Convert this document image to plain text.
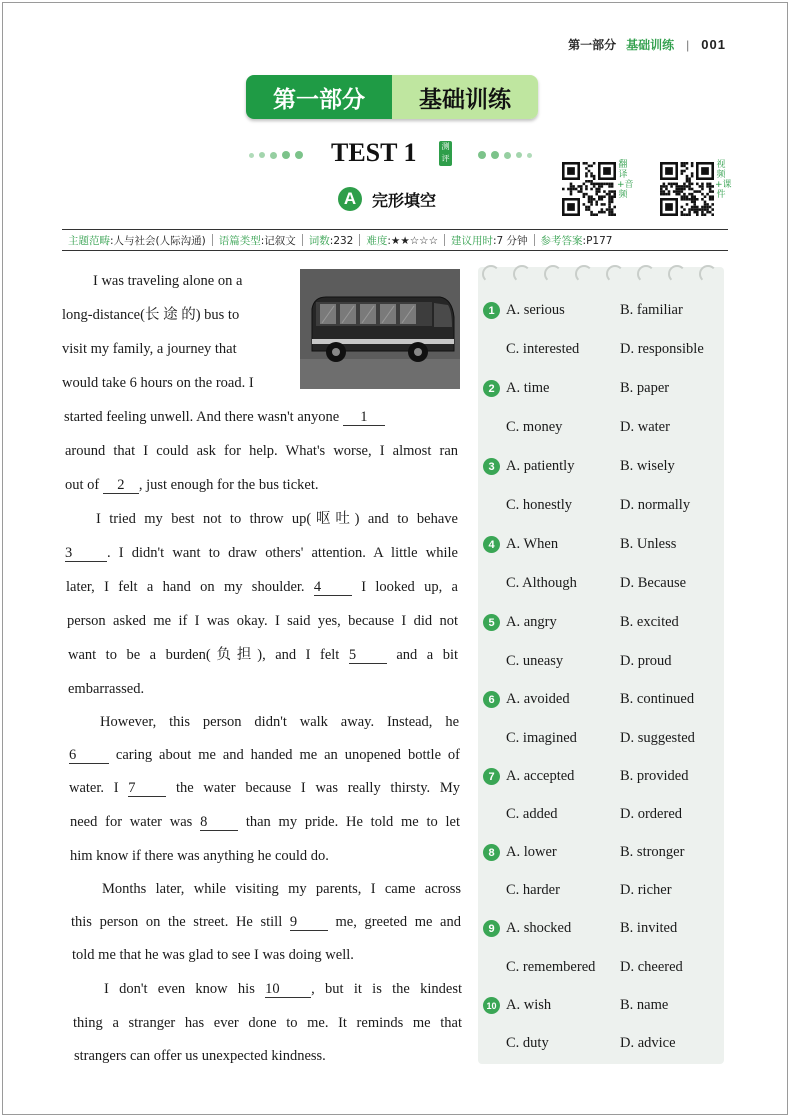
第一部分 基础训练 | 001
第一部分	基础训练
TEST 1	测评
A 完形填空
翻译+音频
视频+课件
主题范畴:人与社会(人际沟通)	语篇类型:记叙文	词数:232	难度:★★☆☆☆	建议用时:7 分钟	参考答案:P177
I was traveling alone on a
long-distance(长 途 的) bus to
visit my family, a journey that
would take 6 hours on the road. I
started feeling unwell. And there wasn't anyone 1
around that I could ask for help. What's worse, I almost ran
out of 2 , just enough for the bus ticket.
I tried my best not to throw up(呕吐) and to behave
3 . I didn't want to draw others' attention. A little while
later, I felt a hand on my shoulder. 4 I looked up, a
person asked me if I was okay. I said yes, because I did not
want to be a burden(负担), and I felt 5 and a bit
embarrassed.
However, this person didn't walk away. Instead, he
6 caring about me and handed me an unopened bottle of
water. I 7 the water because I was really thirsty. My
need for water was 8 than my pride. He told me to let
him know if there was anything he could do.
Months later, while visiting my parents, I came across
this person on the street. He still 9 me, greeted me and
told me that he was glad to see I was doing well.
I don't even know his 10 , but it is the kindest
thing a stranger has ever done to me. It reminds me that
strangers can offer us unexpected kindness.
1 A. serious	B. familiar
C. interested	D. responsible
2 A. time	B. paper
C. money	D. water
3 A. patiently	B. wisely
C. honestly	D. normally
4 A. When	B. Unless
C. Although	D. Because
5 A. angry	B. excited
C. uneasy	D. proud
6 A. avoided	B. continued
C. imagined	D. suggested
7 A. accepted	B. provided
C. added	D. ordered
8 A. lower	B. stronger
C. harder	D. richer
9 A. shocked	B. invited
C. remembered D. cheered
10 A. wish	B. name
C. duty	D. advice
